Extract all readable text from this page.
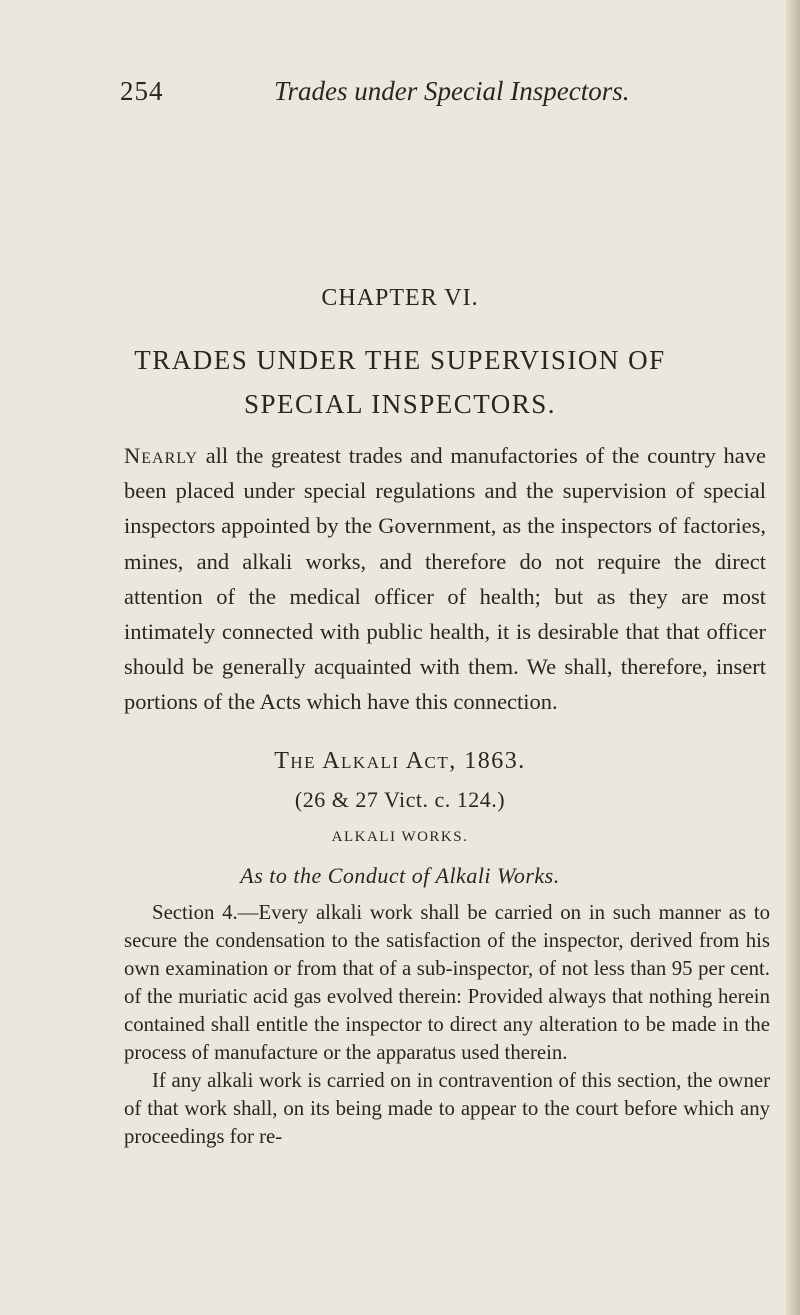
254	Trades under Special Inspectors.
CHAPTER VI.
TRADES UNDER THE SUPERVISION OF
SPECIAL INSPECTORS.

Nearly all the greatest trades and manufactories of the country have been placed under special regulations and the supervision of special inspectors appointed by the Government, as the inspectors of factories, mines, and alkali works, and therefore do not require the direct attention of the medical officer of health; but as they are most intimately connected with public health, it is desirable that that officer should be generally acquainted with them. We shall, therefore, insert portions of the Acts which have this connection.

The Alkali Act, 1863.
(26 & 27 Vict. c. 124.)
ALKALI WORKS.
As to the Conduct of Alkali Works.
Section 4.—Every alkali work shall be carried on in such manner as to secure the condensation to the satisfaction of the inspector, derived from his own examination or from that of a sub-inspector, of not less than 95 per cent. of the muriatic acid gas evolved therein: Provided always that nothing herein contained shall entitle the inspector to direct any alteration to be made in the process of manufacture or the apparatus used therein.
If any alkali work is carried on in contravention of this section, the owner of that work shall, on its being made to appear to the court before which any proceedings for re-
